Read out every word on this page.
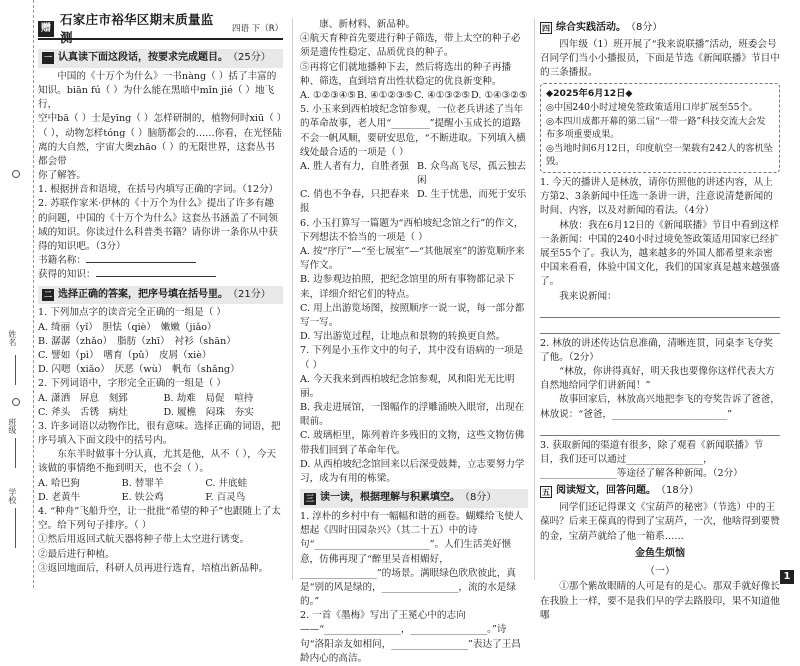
姓名
班级
学校
赠
石家庄市裕华区期末质量监测
四语 下（R）
一 认真读下面这段话，按要求完成题目。 （25分）

中国的《十万个为什么》一书nàng（ ）括了丰富的

知识。biān fú（ ）为什么能在黑暗中mǐn jié（ ）地飞行，

空中bā（ ）士是yīng（ ）怎样研制的，植物何时xiū（ ）

（ ），动物怎样tóng（ ）脑筋都会的……你看，在光怪陆

离的大自然，宇宙大奥zhāo（ ）的无限世界，这套丛书都会带

你了解答。

1. 根据拼音和语境，在括号内填写正确的字词。（12分）

2. 苏联作家米·伊林的《十万个为什么》提出了许多有趣的问题，中国的《十万个为什么》这套丛书涵盖了不同领域的知识。你读过什么科普类书籍？请你讲一条你从中获得的知识吧。（3分）

书籍名称：

获得的知识：

二 选择正确的答案，把序号填在括号里。 （21分）

1. 下列加点字的读音完全正确的一组是（ ）

A. 绮丽（yǐ）　胆怯（qiè）　嫩嫩（jiǎo）

B. 潺潺（zhǎo）　脂肪（zhī）　衬衫（shān）

C. 譬如（pì）　嗜育（pǔ）　皮屑（xiè）

D. 闪嗯（xiǎo）　厌恶（wù）　帆布（shǎng）

2. 下列词语中，字形完全正确的一组是（ ）

A. 潇洒　屏息　刻郅	B. 劫难　局促　喧持

C. 斧头　舌锈　病灶	D. 履樵　闷珠　夯实

3. 许多词语以动物作比，很有意味。选择正确的词语，把序号填入下面文段中的括号内。

东东半时做事十分认真，尤其是他，从不（ ），今天该做的事情绝不拖到明天，也不会（ ）。

A. 哈巴狗	B. 替罪羊	C. 井底蛙

D. 老黄牛	E. 铁公鸡	F. 百灵鸟

4. “种舟”飞船升空，让一批批“希望的种子”也跟随上了太空。给下列句子排序。（ ）

①然后用返回式航天器将种子带上太空进行诱变。

②最后进行种植。

③返回地面后，科研人员再进行选育，培植出新品种。

康、新材料、新品种。

④航天育种首先要进行种子筛选，带上太空的种子必须是遗传性稳定、品质优良的种子。

⑤再将它们就地播种下去，然后将选出的种子再播种、筛选，直到培育出性状稳定的优良新变种。

A. ①②③④⑤ B. ④①②③⑤ C. ④①③②⑤ D. ①④③②⑤

5. 小玉来到西柏坡纪念馆参观，一位老兵讲述了当年的革命故事，老人用“________”提醒小玉成长的道路不会一帆风顺，要研安思危，“不断进取。下列填入横线处最合适的一项是（ ）

A. 胜人者有力，自胜者强 B. 众鸟高飞尽，孤云独去闲

C. 俏也不争春，只把春来报

D. 生于忧患，而死于安乐

6. 小玉打算写一篇题为“西柏坡纪念馆之行”的作文，下列想法不恰当的一项是（ ）

A. 按“序厅”—“至七展室”—“其他展室”的游览顺序来写作文。

B. 边参观边拍照，把纪念馆里的所有事物都记录下来，详细介绍它们的特点。

C. 用上出游览场图，按照顺序一说一说，每一部分都写一写。

D. 写出游览过程，让地点和景物的转换更自然。

7. 下列是小玉作文中的句子，其中没有语病的一项是（ ）

A. 今天我来到西柏坡纪念馆参观，风和阳光无比明丽。

B. 我走进展馆，一图幅作的浮雕涌映入眼帘，出现在眼前。

C. 玻璃柜里，陈列着许多残旧的文物，这些文物仿佛带我们回到了革命年代。

D. 从西柏坡纪念馆回来以后深受鼓舞，立志要努力学习，成为有用的栋梁。

三 读一读，根据理解与积累填空。 （8分）

1. 淳朴的乡村中有一幅幅和谐的画卷。蝴蝶给飞使人想起《四时田园杂兴》（其二十五）中的诗句“________________________”。人们生活美好惬意，仿佛再现了“醉里吴音相媚好，________________”的场景。满眼绿色欣欣彼此，真是“别的风是绿的，________________，流的水是绿的。”

2. 一首《墨梅》写出了王冕心中的志向——“________________，________________。”诗句“洛阳亲友如相问，________________”表达了王昌龄内心的高洁。

四 综合实践活动。 （8分）

四年级（1）班开展了“我来说联播”活动，班委会号召同学们当小小播报员，下面是节选《新闻联播》节目中的三条播报。

◆2025年6月12日◆

◎中国240小时过境免签政策适用口岸扩展至55个。

◎本四川成都开幕的第二届“一带一路”科技交流大会发布多项重要成果。

◎当地时间6月12日，印度航空一架载有242人的客机坠毁。

1. 今天的播讲人是林放，请你仿照他的讲述内容，从上方第2、3条新闻中任选一条讲一讲，注意说清楚新闻的时间、内容，以及对新闻的看法。（4分）

林放：我在6月12日的《新闻联播》节目中看到这样一条新闻：中国的240小时过境免签政策适用国家已经扩展至55个了。我认为，越来越多的外国人都希望来亲密中国来看看，体验中国文化，我们的国家真是越来越强盛了。

我来说新闻：

2. 林放的讲述传达信息准确，清晰连贯，同桌李飞夺奖了他。（2分）

“林放，你讲得真好，明天我也要像你这样代表大方自然地给同学们讲新闻！”

故事回家后，林放高兴地把李飞的夸奖告诉了爸爸，林放说：“爸爸，________________________”

3. 获取新闻的渠道有很多，除了观看《新闻联播》节目，我们还可以通过________________，________________等途径了解各种新闻。（2分）

五 阅读短文，回答问题。 （18分）

同学们还记得课文《宝葫芦的秘密》（节选）中的王葆吗？后来王葆真的得到了宝葫芦，一次，他啥得到要赞的金，宝葫芦就给了他一箱系……

金鱼生烦恼

（一）

①那个紫故眼睛的人可是有的是心。那双手就好像长在我脸上一样，要不是我们早的学去路股印，果不知道他哪

1
